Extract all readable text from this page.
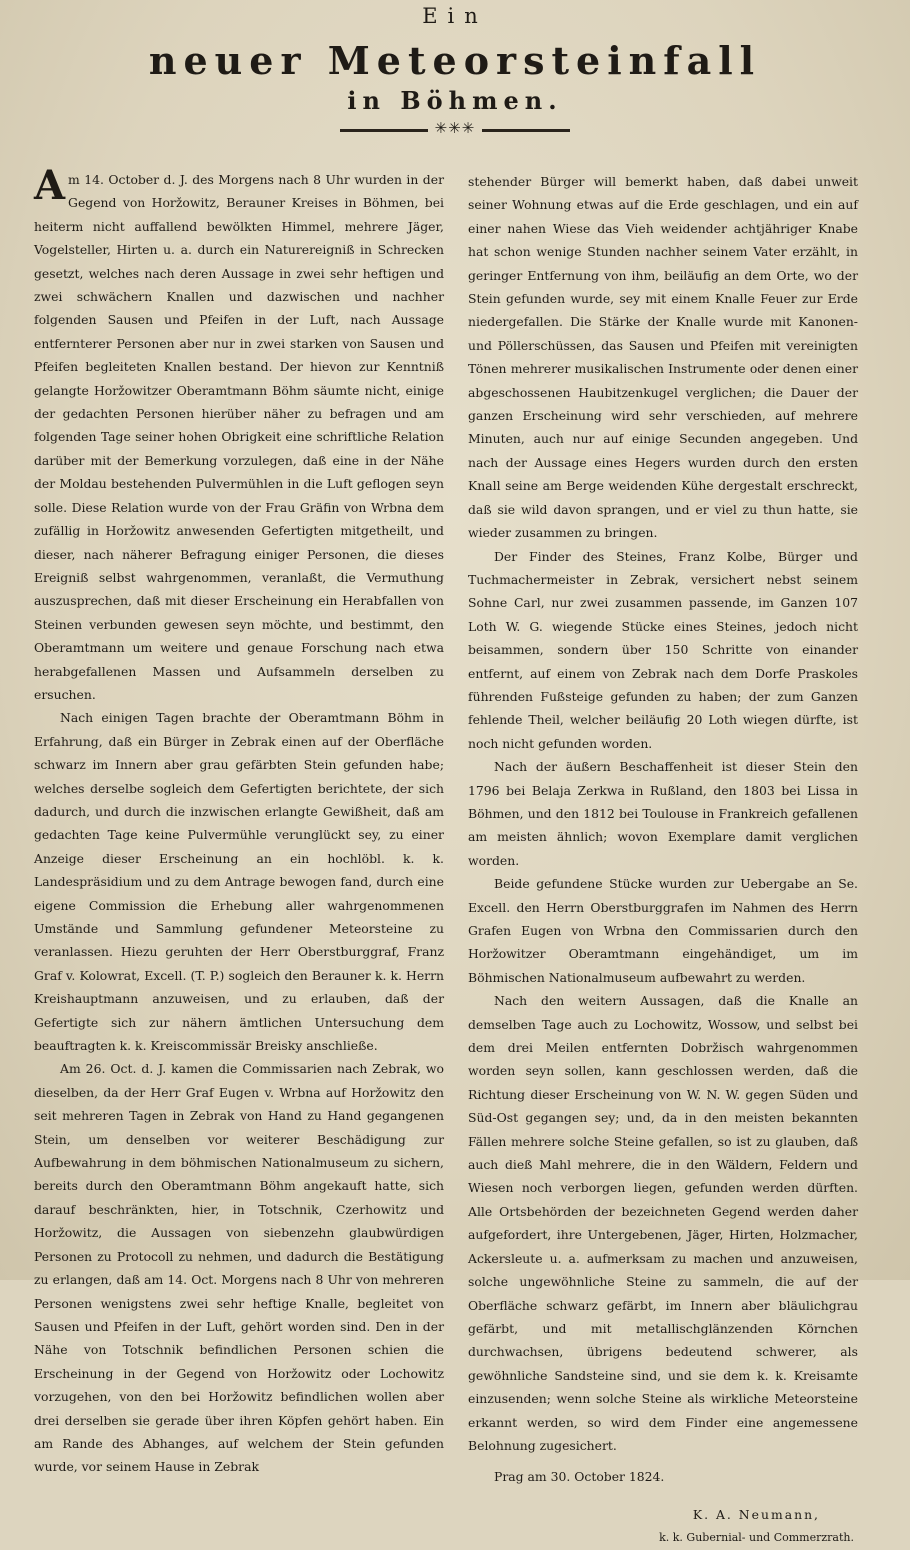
Ein
neuer Meteorsteinfall
in Böhmen.
✳✳✳

Am 14. October d. J. des Morgens nach 8 Uhr wurden in der Gegend von Horžowitz, Berauner Kreises in Böhmen, bei heiterm nicht auffallend bewölkten Himmel, mehrere Jäger, Vogelsteller, Hirten u. a. durch ein Naturereigniß in Schrecken gesetzt, welches nach deren Aussage in zwei sehr heftigen und zwei schwächern Knallen und dazwischen und nachher folgenden Sausen und Pfeifen in der Luft, nach Aussage entfernterer Personen aber nur in zwei starken von Sausen und Pfeifen begleiteten Knallen bestand. Der hievon zur Kenntniß gelangte Horžowitzer Oberamtmann Böhm säumte nicht, einige der gedachten Personen hierüber näher zu befragen und am folgenden Tage seiner hohen Obrigkeit eine schriftliche Relation darüber mit der Bemerkung vorzulegen, daß eine in der Nähe der Moldau bestehenden Pulvermühlen in die Luft geflogen seyn solle. Diese Relation wurde von der Frau Gräfin von Wrbna dem zufällig in Horžowitz anwesenden Gefertigten mitgetheilt, und dieser, nach näherer Befragung einiger Personen, die dieses Ereigniß selbst wahrgenommen, veranlaßt, die Vermuthung auszusprechen, daß mit dieser Erscheinung ein Herabfallen von Steinen verbunden gewesen seyn möchte, und bestimmt, den Oberamtmann um weitere und genaue Forschung nach etwa herabgefallenen Massen und Aufsammeln derselben zu ersuchen.

Nach einigen Tagen brachte der Oberamtmann Böhm in Erfahrung, daß ein Bürger in Zebrak einen auf der Oberfläche schwarz im Innern aber grau gefärbten Stein gefunden habe; welches derselbe sogleich dem Gefertigten berichtete, der sich dadurch, und durch die inzwischen erlangte Gewißheit, daß am gedachten Tage keine Pulvermühle verunglückt sey, zu einer Anzeige dieser Erscheinung an ein hochlöbl. k. k. Landespräsidium und zu dem Antrage bewogen fand, durch eine eigene Commission die Erhebung aller wahrgenommenen Umstände und Sammlung gefundener Meteorsteine zu veranlassen. Hiezu geruhten der Herr Oberstburggraf, Franz Graf v. Kolowrat, Excell. (T. P.) sogleich den Berauner k. k. Herrn Kreishauptmann anzuweisen, und zu erlauben, daß der Gefertigte sich zur nähern ämtlichen Untersuchung dem beauftragten k. k. Kreiscommissär Breisky anschließe.

Am 26. Oct. d. J. kamen die Commissarien nach Zebrak, wo dieselben, da der Herr Graf Eugen v. Wrbna auf Horžowitz den seit mehreren Tagen in Zebrak von Hand zu Hand gegangenen Stein, um denselben vor weiterer Beschädigung zur Aufbewahrung in dem böhmischen Nationalmuseum zu sichern, bereits durch den Oberamtmann Böhm angekauft hatte, sich darauf beschränkten, hier, in Totschnik, Czerhowitz und Horžowitz, die Aussagen von siebenzehn glaubwürdigen Personen zu Protocoll zu nehmen, und dadurch die Bestätigung zu erlangen, daß am 14. Oct. Morgens nach 8 Uhr von mehreren Personen wenigstens zwei sehr heftige Knalle, begleitet von Sausen und Pfeifen in der Luft, gehört worden sind. Den in der Nähe von Totschnik befindlichen Personen schien die Erscheinung in der Gegend von Horžowitz oder Lochowitz vorzugehen, von den bei Horžowitz befindlichen wollen aber drei derselben sie gerade über ihren Köpfen gehört haben. Ein am Rande des Abhanges, auf welchem der Stein gefunden wurde, vor seinem Hause in Zebrak

stehender Bürger will bemerkt haben, daß dabei unweit seiner Wohnung etwas auf die Erde geschlagen, und ein auf einer nahen Wiese das Vieh weidender achtjähriger Knabe hat schon wenige Stunden nachher seinem Vater erzählt, in geringer Entfernung von ihm, beiläufig an dem Orte, wo der Stein gefunden wurde, sey mit einem Knalle Feuer zur Erde niedergefallen. Die Stärke der Knalle wurde mit Kanonen- und Pöllerschüssen, das Sausen und Pfeifen mit vereinigten Tönen mehrerer musikalischen Instrumente oder denen einer abgeschossenen Haubitzenkugel verglichen; die Dauer der ganzen Erscheinung wird sehr verschieden, auf mehrere Minuten, auch nur auf einige Secunden angegeben. Und nach der Aussage eines Hegers wurden durch den ersten Knall seine am Berge weidenden Kühe dergestalt erschreckt, daß sie wild davon sprangen, und er viel zu thun hatte, sie wieder zusammen zu bringen.

Der Finder des Steines, Franz Kolbe, Bürger und Tuchmachermeister in Zebrak, versichert nebst seinem Sohne Carl, nur zwei zusammen passende, im Ganzen 107 Loth W. G. wiegende Stücke eines Steines, jedoch nicht beisammen, sondern über 150 Schritte von einander entfernt, auf einem von Zebrak nach dem Dorfe Praskoles führenden Fußsteige gefunden zu haben; der zum Ganzen fehlende Theil, welcher beiläufig 20 Loth wiegen dürfte, ist noch nicht gefunden worden.

Nach der äußern Beschaffenheit ist dieser Stein den 1796 bei Belaja Zerkwa in Rußland, den 1803 bei Lissa in Böhmen, und den 1812 bei Toulouse in Frankreich gefallenen am meisten ähnlich; wovon Exemplare damit verglichen worden.

Beide gefundene Stücke wurden zur Uebergabe an Se. Excell. den Herrn Oberstburggrafen im Nahmen des Herrn Grafen Eugen von Wrbna den Commissarien durch den Horžowitzer Oberamtmann eingehändiget, um im Böhmischen Nationalmuseum aufbewahrt zu werden.

Nach den weitern Aussagen, daß die Knalle an demselben Tage auch zu Lochowitz, Wossow, und selbst bei dem drei Meilen entfernten Dobržisch wahrgenommen worden seyn sollen, kann geschlossen werden, daß die Richtung dieser Erscheinung von W. N. W. gegen Süden und Süd-Ost gegangen sey; und, da in den meisten bekannten Fällen mehrere solche Steine gefallen, so ist zu glauben, daß auch dieß Mahl mehrere, die in den Wäldern, Feldern und Wiesen noch verborgen liegen, gefunden werden dürften. Alle Ortsbehörden der bezeichneten Gegend werden daher aufgefordert, ihre Untergebenen, Jäger, Hirten, Holzmacher, Ackersleute u. a. aufmerksam zu machen und anzuweisen, solche ungewöhnliche Steine zu sammeln, die auf der Oberfläche schwarz gefärbt, im Innern aber bläulichgrau gefärbt, und mit metallischglänzenden Körnchen durchwachsen, übrigens bedeutend schwerer, als gewöhnliche Sandsteine sind, und sie dem k. k. Kreisamte einzusenden; wenn solche Steine als wirkliche Meteorsteine erkannt werden, so wird dem Finder eine angemessene Belohnung zugesichert.

Prag am 30. October 1824.

K. A. Neumann,
k. k. Gubernial- und Commerzrath.
